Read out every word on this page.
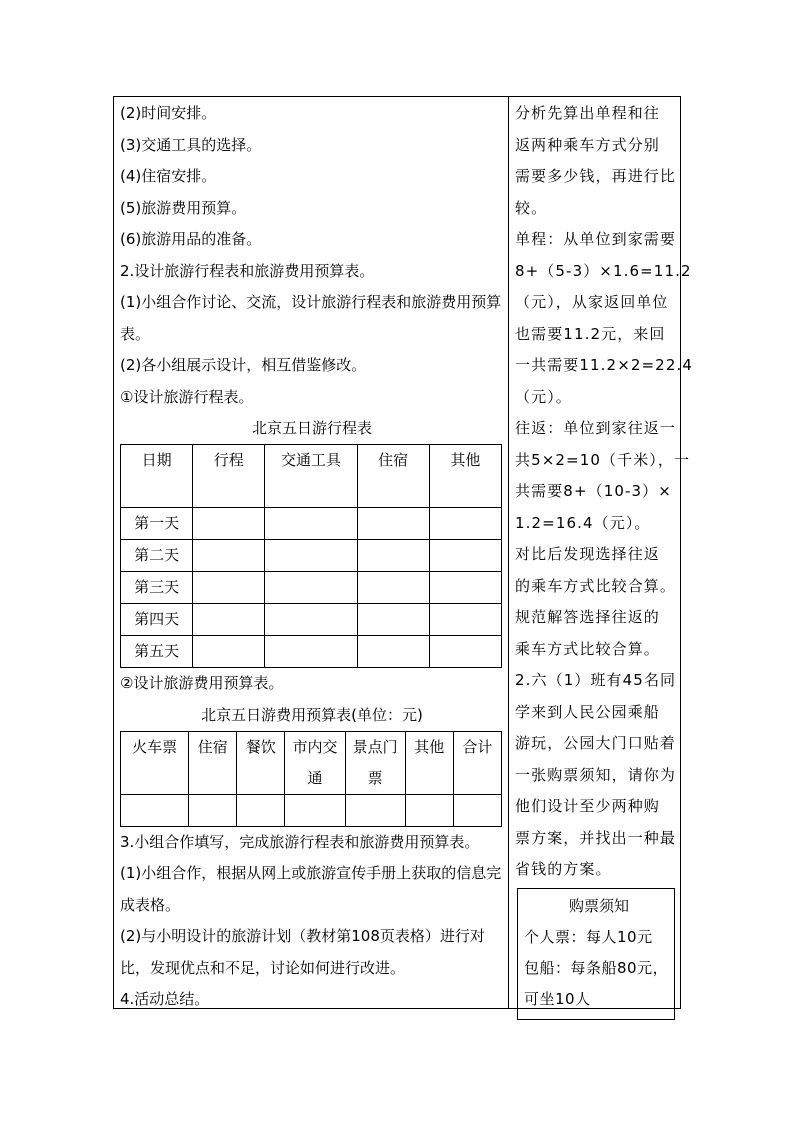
(2)时间安排。
(3)交通工具的选择。
(4)住宿安排。
(5)旅游费用预算。
(6)旅游用品的准备。
2.设计旅游行程表和旅游费用预算表。
(1)小组合作讨论、交流，设计旅游行程表和旅游费用预算表。
(2)各小组展示设计，相互借鉴修改。
①设计旅游行程表。
北京五日游行程表
日期	行程	交通工具	住宿	其他
第一天				
第二天				
第三天				
第四天				
第五天				
②设计旅游费用预算表。
北京五日游费用预算表(单位：元)
火车票	住宿	餐饮	市内交通	景点门票	其他	合计

3.小组合作填写，完成旅游行程表和旅游费用预算表。
(1)小组合作，根据从网上或旅游宣传手册上获取的信息完成表格。
(2)与小明设计的旅游计划（教材第108页表格）进行对比，发现优点和不足，讨论如何进行改进。
4.活动总结。
分析先算出单程和往
返两种乘车方式分别
需要多少钱，再进行比
较。
单程：从单位到家需要
8+（5-3）×1.6=11.2
（元），从家返回单位
也需要11.2元，来回
一共需要11.2×2=22.4
（元）。
往返：单位到家往返一
共5×2=10（千米），一
共需要8+（10-3）×
1.2=16.4（元）。
对比后发现选择往返
的乘车方式比较合算。
规范解答选择往返的
乘车方式比较合算。
2.六（1）班有45名同
学来到人民公园乘船
游玩，公园大门口贴着
一张购票须知，请你为
他们设计至少两种购
票方案，并找出一种最
省钱的方案。
购票须知
个人票：每人10元
包船：每条船80元，
可坐10人
